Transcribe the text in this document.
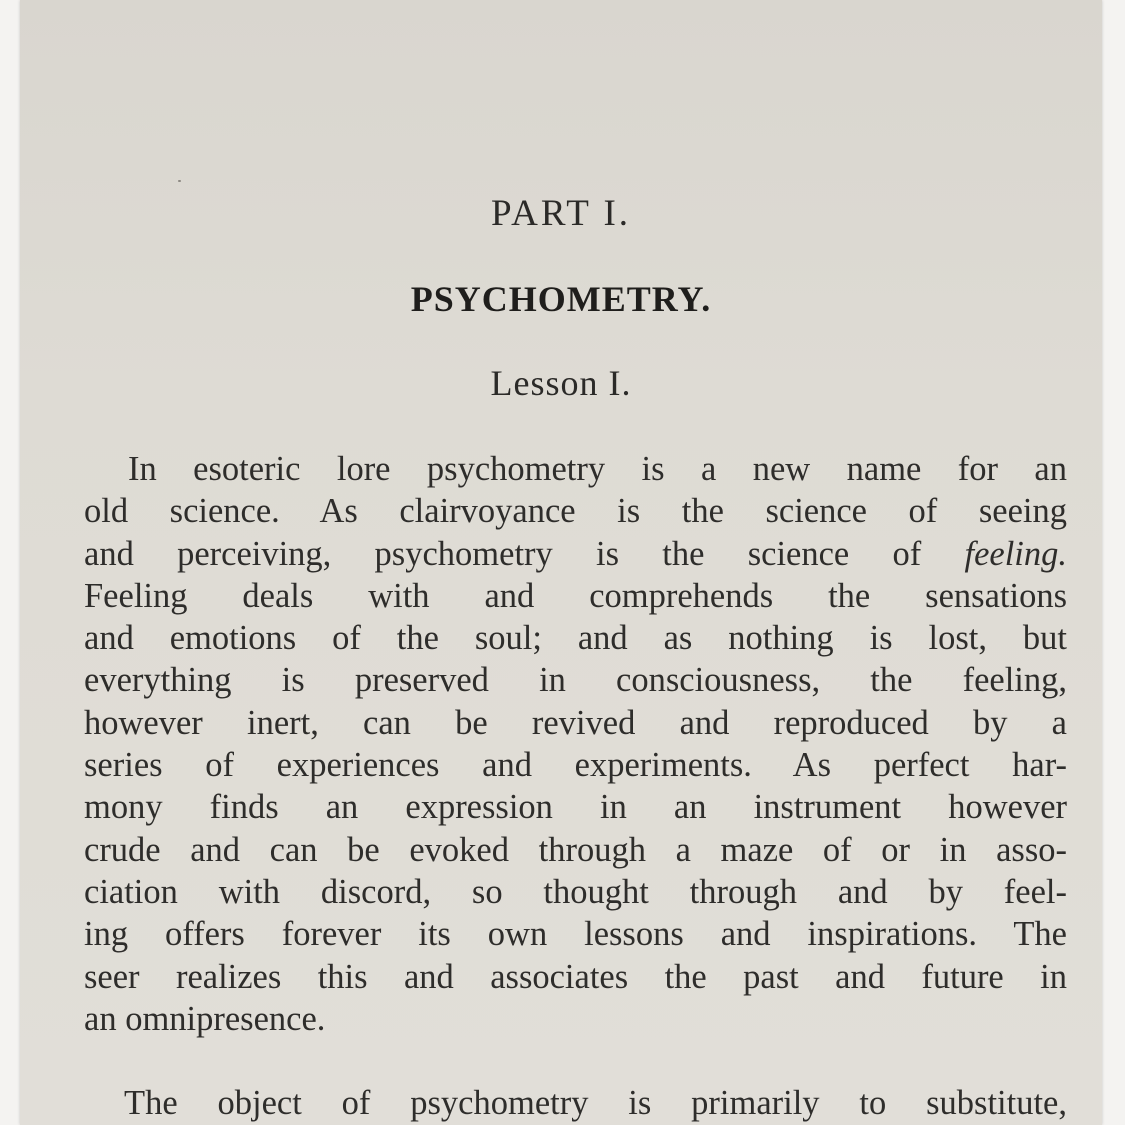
PART I.
PSYCHOMETRY.
Lesson I.
In esoteric lore psychometry is a new name for an
old science. As clairvoyance is the science of seeing
and perceiving, psychometry is the science of feeling.
Feeling deals with and comprehends the sensations
and emotions of the soul; and as nothing is lost, but
everything is preserved in consciousness, the feeling,
however inert, can be revived and reproduced by a
series of experiences and experiments. As perfect har-
mony finds an expression in an instrument however
crude and can be evoked through a maze of or in asso-
ciation with discord, so thought through and by feel-
ing offers forever its own lessons and inspirations. The
seer realizes this and associates the past and future in
an omnipresence.
The object of psychometry is primarily to substitute,
